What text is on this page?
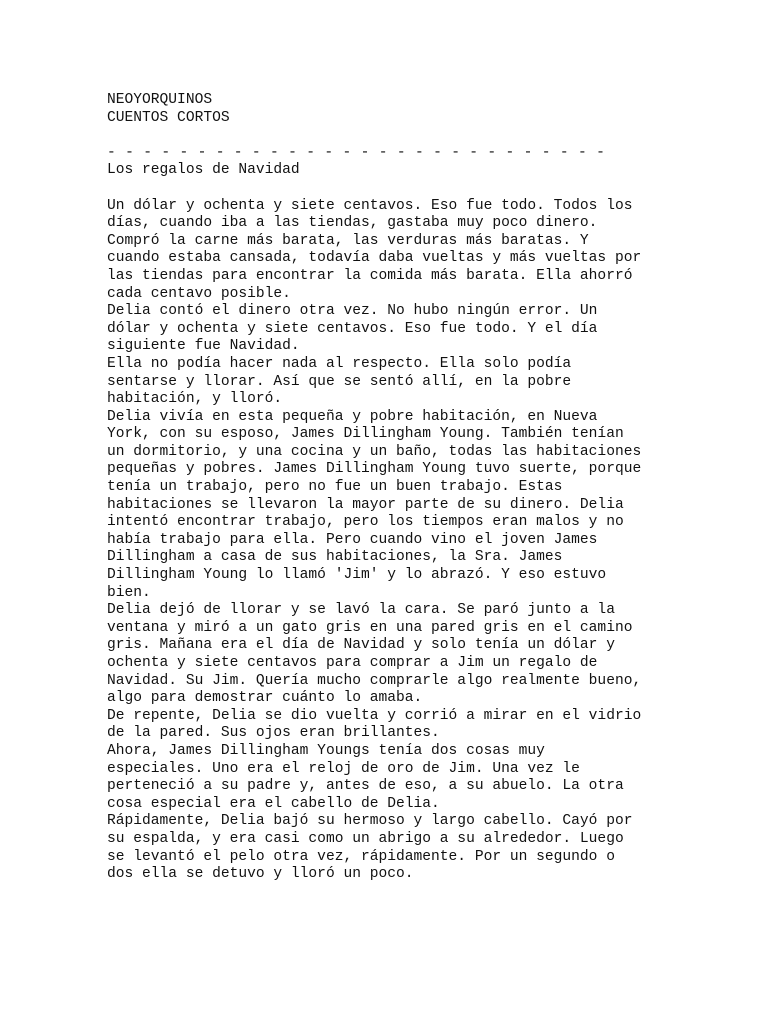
NEOYORQUINOS
CUENTOS CORTOS
- - - - - - - - - - - - - - - - - - - - - - - - - - - -
Los regalos de Navidad
Un dólar y ochenta y siete centavos. Eso fue todo. Todos los
días, cuando iba a las tiendas, gastaba muy poco dinero.
Compró la carne más barata, las verduras más baratas. Y
cuando estaba cansada, todavía daba vueltas y más vueltas por
las tiendas para encontrar la comida más barata. Ella ahorró
cada centavo posible.
Delia contó el dinero otra vez. No hubo ningún error. Un
dólar y ochenta y siete centavos. Eso fue todo. Y el día
siguiente fue Navidad.
Ella no podía hacer nada al respecto. Ella solo podía
sentarse y llorar. Así que se sentó allí, en la pobre
habitación, y lloró.
Delia vivía en esta pequeña y pobre habitación, en Nueva
York, con su esposo, James Dillingham Young. También tenían
un dormitorio, y una cocina y un baño, todas las habitaciones
pequeñas y pobres. James Dillingham Young tuvo suerte, porque
tenía un trabajo, pero no fue un buen trabajo. Estas
habitaciones se llevaron la mayor parte de su dinero. Delia
intentó encontrar trabajo, pero los tiempos eran malos y no
había trabajo para ella. Pero cuando vino el joven James
Dillingham a casa de sus habitaciones, la Sra. James
Dillingham Young lo llamó 'Jim' y lo abrazó. Y eso estuvo
bien.
Delia dejó de llorar y se lavó la cara. Se paró junto a la
ventana y miró a un gato gris en una pared gris en el camino
gris. Mañana era el día de Navidad y solo tenía un dólar y
ochenta y siete centavos para comprar a Jim un regalo de
Navidad. Su Jim. Quería mucho comprarle algo realmente bueno,
algo para demostrar cuánto lo amaba.
De repente, Delia se dio vuelta y corrió a mirar en el vidrio
de la pared. Sus ojos eran brillantes.
Ahora, James Dillingham Youngs tenía dos cosas muy
especiales. Uno era el reloj de oro de Jim. Una vez le
perteneció a su padre y, antes de eso, a su abuelo. La otra
cosa especial era el cabello de Delia.
Rápidamente, Delia bajó su hermoso y largo cabello. Cayó por
su espalda, y era casi como un abrigo a su alrededor. Luego
se levantó el pelo otra vez, rápidamente. Por un segundo o
dos ella se detuvo y lloró un poco.
